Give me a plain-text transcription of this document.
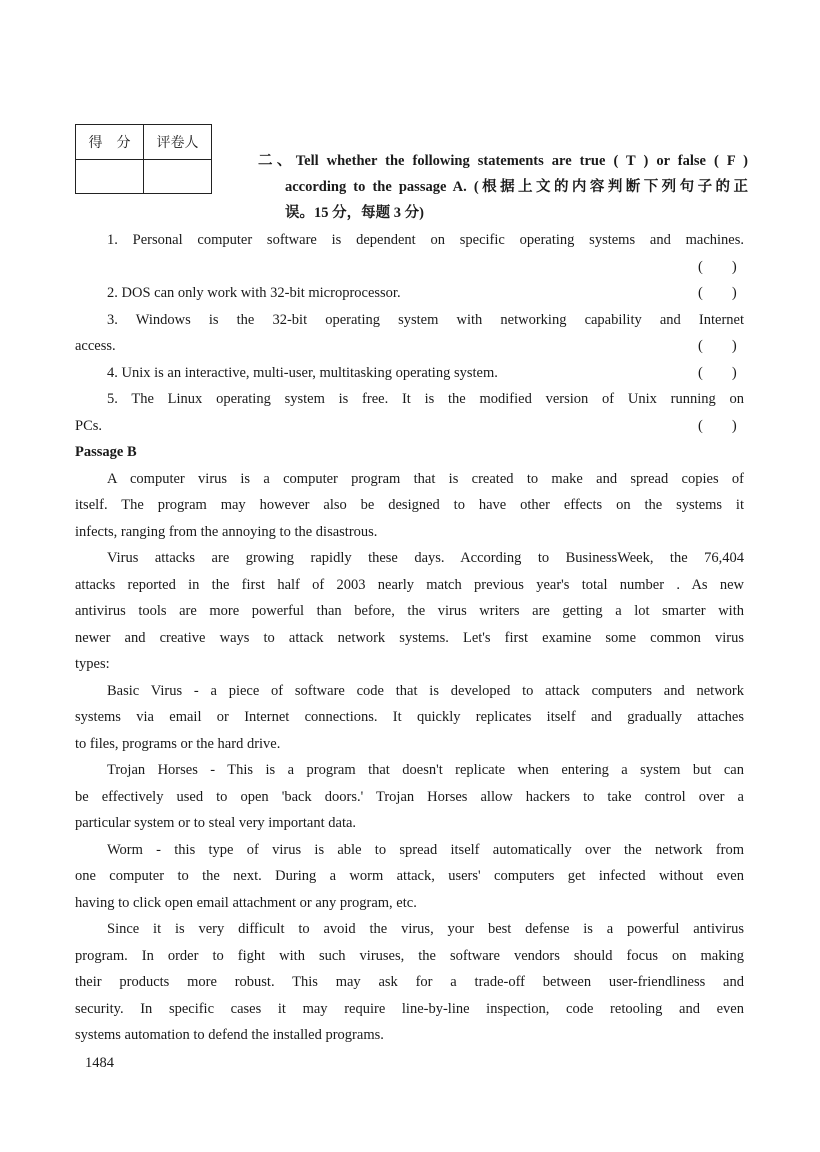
得　分	评卷人

二、Tell whether the following statements are true ( T ) or false ( F )
according to the passage A. (根据上文的内容判断下列句子的正
误。15 分，每题 3 分)
1. Personal computer software is dependent on specific operating systems and machines.
(　　)
2. DOS can only work with 32-bit microprocessor.	(　　)
3. Windows is the 32-bit operating system with networking capability and Internet
access.	(　　)
4. Unix is an interactive, multi-user, multitasking operating system.	(　　)
5. The Linux operating system is free. It is the modified version of Unix running on
PCs.	(　　)
Passage B
A computer virus is a computer program that is created to make and spread copies of
itself. The program may however also be designed to have other effects on the systems it
infects, ranging from the annoying to the disastrous.
Virus attacks are growing rapidly these days. According to BusinessWeek, the 76,404
attacks reported in the first half of 2003 nearly match previous year's total number . As new
antivirus tools are more powerful than before, the virus writers are getting a lot smarter with
newer and creative ways to attack network systems. Let's first examine some common virus
types:
Basic Virus - a piece of software code that is developed to attack computers and network
systems via email or Internet connections. It quickly replicates itself and gradually attaches
to files, programs or the hard drive.
Trojan Horses - This is a program that doesn't replicate when entering a system but can
be effectively used to open 'back doors.' Trojan Horses allow hackers to take control over a
particular system or to steal very important data.
Worm - this type of virus is able to spread itself automatically over the network from
one computer to the next. During a worm attack, users' computers get infected without even
having to click open email attachment or any program, etc.
Since it is very difficult to avoid the virus, your best defense is a powerful antivirus
program. In order to fight with such viruses, the software vendors should focus on making
their products more robust. This may ask for a trade-off between user-friendliness and
security. In specific cases it may require line-by-line inspection, code retooling and even
systems automation to defend the installed programs.
1484
